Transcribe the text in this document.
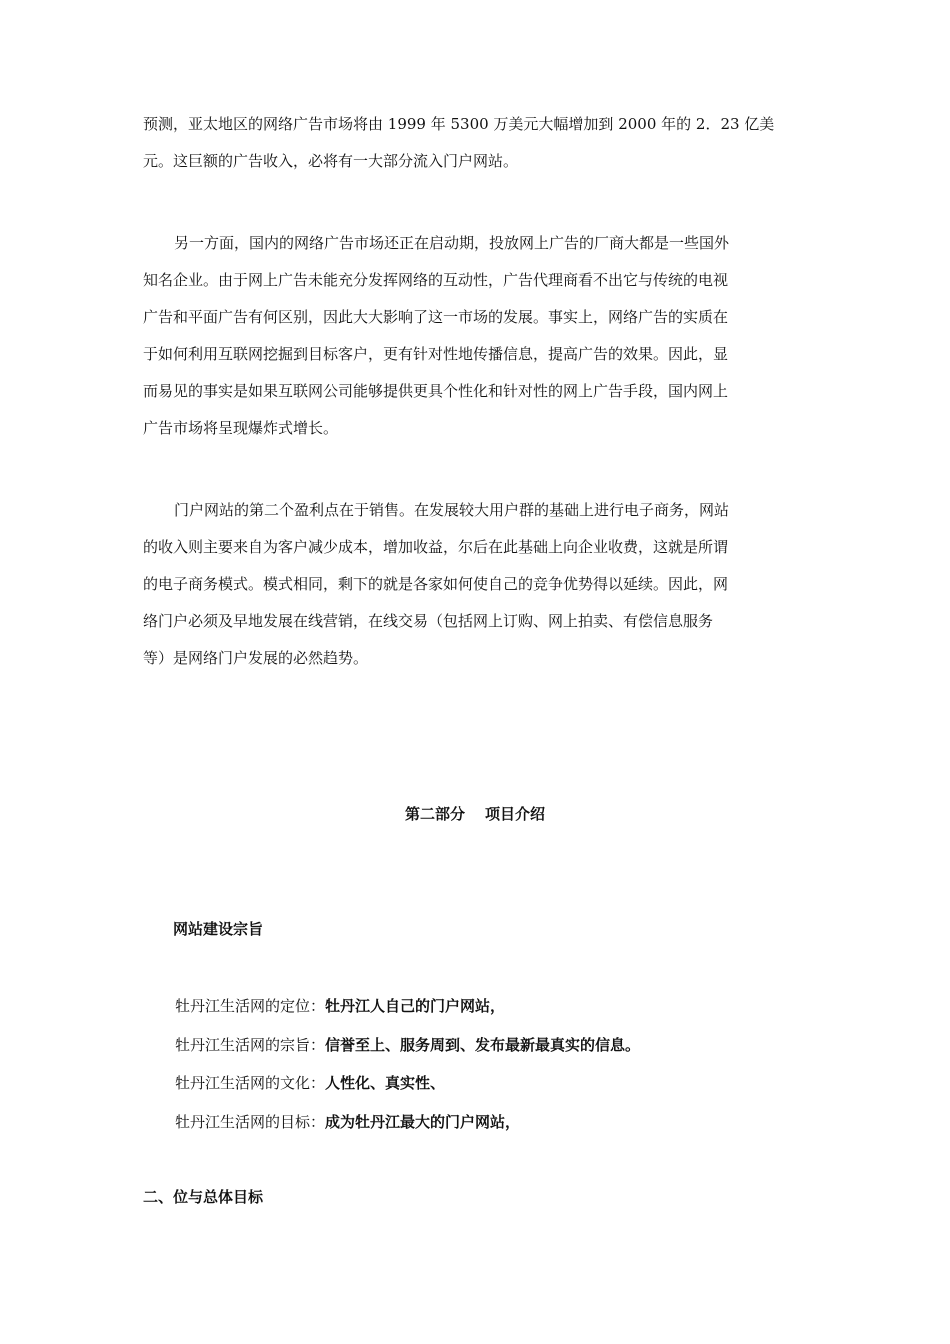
预测，亚太地区的网络广告市场将由 1999 年 5300 万美元大幅增加到 2000 年的 2．23 亿美
元。这巨额的广告收入，必将有一大部分流入门户网站。
另一方面，国内的网络广告市场还正在启动期，投放网上广告的厂商大都是一些国外
知名企业。由于网上广告未能充分发挥网络的互动性，广告代理商看不出它与传统的电视
广告和平面广告有何区别，因此大大影响了这一市场的发展。事实上，网络广告的实质在
于如何利用互联网挖掘到目标客户，更有针对性地传播信息，提高广告的效果。因此，显
而易见的事实是如果互联网公司能够提供更具个性化和针对性的网上广告手段，国内网上
广告市场将呈现爆炸式增长。
门户网站的第二个盈利点在于销售。在发展较大用户群的基础上进行电子商务，网站
的收入则主要来自为客户减少成本，增加收益，尔后在此基础上向企业收费，这就是所谓
的电子商务模式。模式相同，剩下的就是各家如何使自己的竞争优势得以延续。因此，网
络门户必须及早地发展在线营销，在线交易（包括网上订购、网上拍卖、有偿信息服务
等）是网络门户发展的必然趋势。
第二部分 项目介绍
网站建设宗旨
牡丹江生活网的定位：牡丹江人自己的门户网站，
牡丹江生活网的宗旨：信誉至上、服务周到、发布最新最真实的信息。
牡丹江生活网的文化：人性化、真实性、
牡丹江生活网的目标：成为牡丹江最大的门户网站，
二、位与总体目标
